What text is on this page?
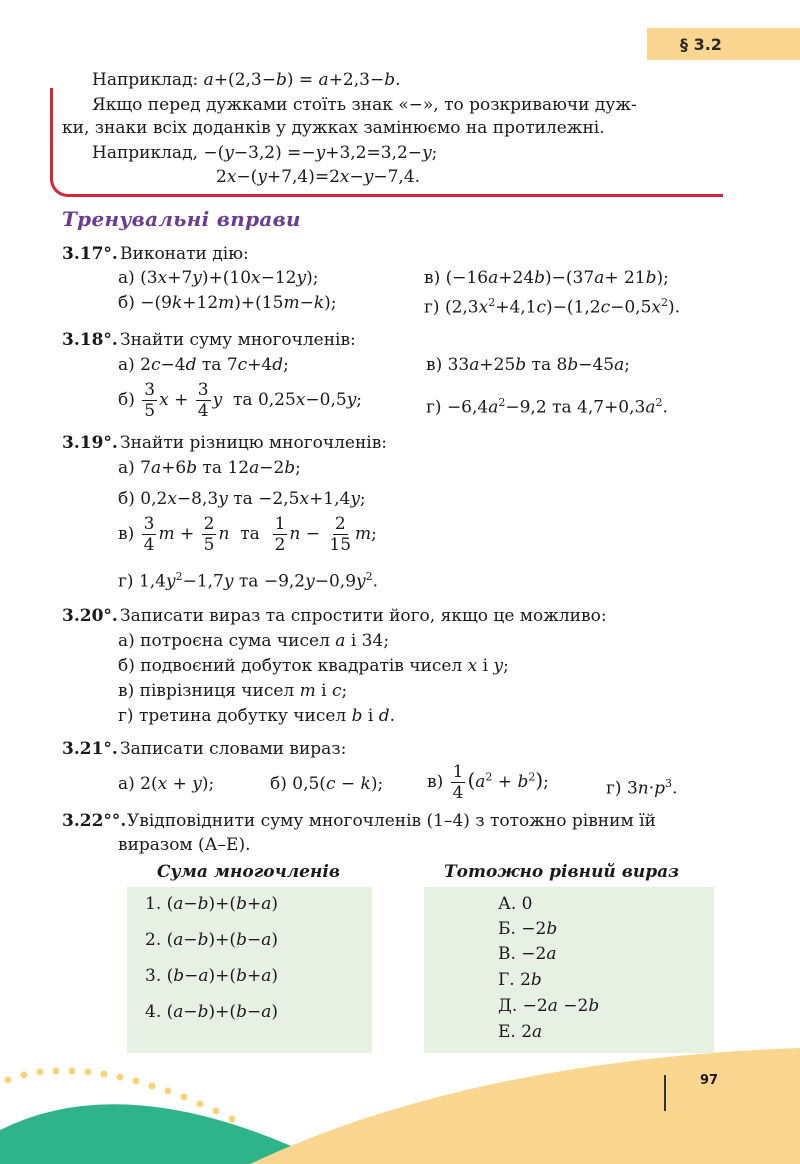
§ 3.2
Наприклад: a+(2,3−b) = a+2,3−b.
Якщо перед дужками стоїть знак «−», то розкриваючи дуж-
ки, знаки всіх доданків у дужках замінюємо на протилежні.
Наприклад, −(y−3,2) =−y+3,2=3,2−y;
2x−(y+7,4)=2x−y−7,4.
Тренувальні вправи
3.17°. Виконати дію:
а) (3x+7y)+(10x−12y);	в) (−16a+24b)−(37a+ 21b);
б) −(9k+12m)+(15m−k);	г) $(2,3x^2+4,1c)-(1,2c-0,5x^2)$.
3.18°. Знайти суму многочленів:
а) 2c−4d та 7c+4d;	в) 33a+25b та 8b−45a;
$б) \frac{3}{5}$ $x + \frac{3}{4}$ y  та 0,25x−0,5y;	$г) -6,4a^2-9,2$ та $4,7+0,3a^2$.
3.19°. Знайти різницю многочленів:
а) 7a+6b та 12a−2b;
б) 0,2x−8,3y та −2,5x+1,4y;
$в) \frac{3}{4}$ $m + \frac{2}{5}$ n  та $\frac{1}{2}$ $n - \frac{2}{15} m$;
г) $1,4y^2-1,7y$ та $-9,2y-0,9y^2$.
3.20°. Записати вираз та спростити його, якщо це можливо:
а) потроєна сума чисел a і 34;
б) подвоєний добуток квадратів чисел x і y;
в) піврізниця чисел m і c;
г) третина добутку чисел b і d.
3.21°. Записати словами вираз:
а) 2(x + y);	б) 0,5(c − k);	$в) \frac{1}{4} (a^2 + b^2)$;	г) $3n\cdot p^3$.
3.22°°. Увідповіднити суму многочленів (1–4) з тотожно рівним їй
виразом (А–Е).
Сума многочленів	Тотожно рівний вираз
1. (a−b)+(b+a)
2. (a−b)+(b−a)
3. (b−a)+(b+a)
4. (a−b)+(b−a)
А. 0
Б. −2b
В. −2a
Г. 2b
Д. −2a −2b
Е. 2a
97
